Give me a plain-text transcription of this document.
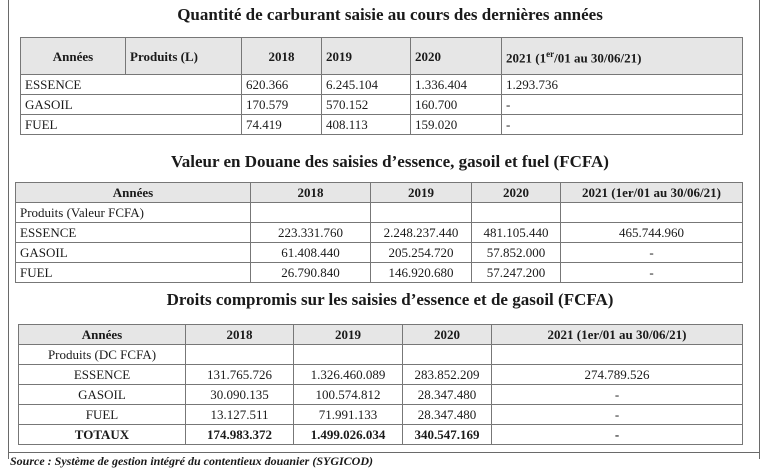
Quantité de carburant saisie au cours des dernières années
Années	Produits (L)	2018	2019	2020	2021 (1er/01 au 30/06/21)
ESSENCE		620.366	6.245.104	1.336.404	1.293.736
GASOIL		170.579	570.152	160.700	-
FUEL		74.419	408.113	159.020	-
Valeur en Douane des saisies d’essence, gasoil et fuel (FCFA)
Années	2018	2019	2020	2021 (1er/01 au 30/06/21)
Produits (Valeur FCFA)				
ESSENCE	223.331.760	2.248.237.440	481.105.440	465.744.960
GASOIL	61.408.440	205.254.720	57.852.000	-
FUEL	26.790.840	146.920.680	57.247.200	-
Droits compromis sur les saisies d’essence et de gasoil (FCFA)
Années	2018	2019	2020	2021 (1er/01 au 30/06/21)
Produits (DC FCFA)				
ESSENCE	131.765.726	1.326.460.089	283.852.209	274.789.526
GASOIL	30.090.135	100.574.812	28.347.480	-
FUEL	13.127.511	71.991.133	28.347.480	-
TOTAUX	174.983.372	1.499.026.034	340.547.169	-
Source : Système de gestion intégré du contentieux douanier (SYGICOD)
